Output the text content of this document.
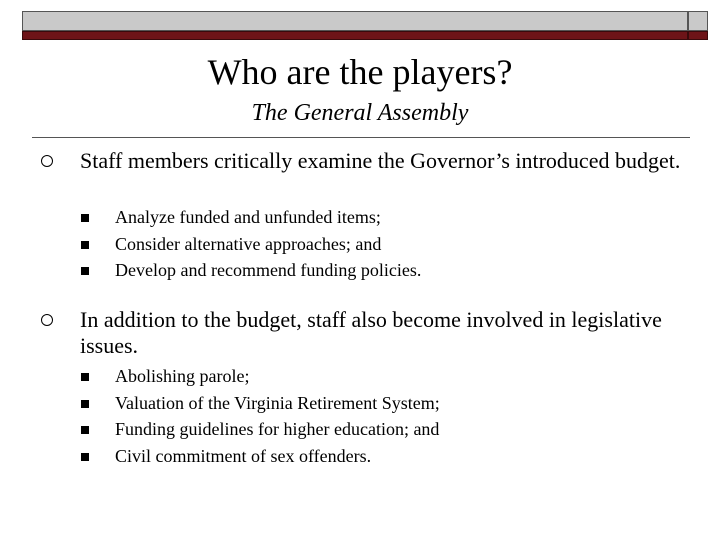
Who are the players?
The General Assembly
Staff members critically examine the Governor’s introduced budget.
Analyze funded and unfunded items;
Consider alternative approaches; and
Develop and recommend funding policies.
In addition to the budget, staff also become involved in legislative issues.
Abolishing parole;
Valuation of the Virginia Retirement System;
Funding guidelines for higher education; and
Civil commitment of sex offenders.
